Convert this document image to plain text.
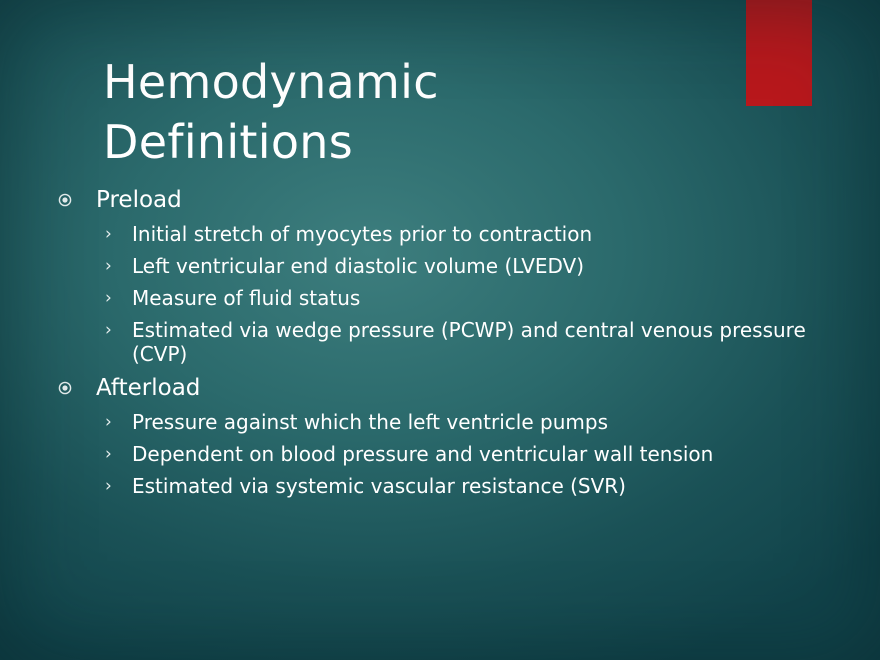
Hemodynamic
Definitions
Preload
› Initial stretch of myocytes prior to contraction
› Left ventricular end diastolic volume (LVEDV)
› Measure of fluid status
› Estimated via wedge pressure (PCWP) and central venous pressure (CVP)
Afterload
› Pressure against which the left ventricle pumps
› Dependent on blood pressure and ventricular wall tension
› Estimated via systemic vascular resistance (SVR)
